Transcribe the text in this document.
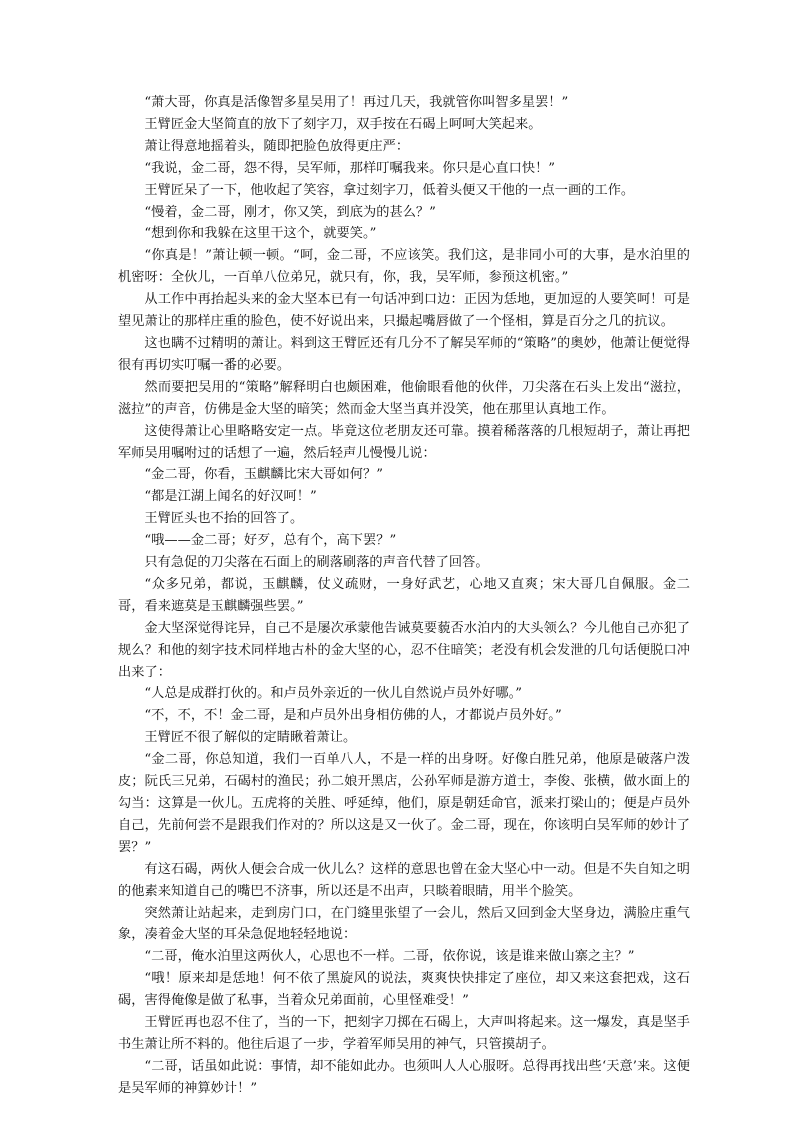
“萧大哥，你真是活像智多星吴用了！再过几天，我就管你叫智多星罢！”

王臂匠金大坚简直的放下了刻字刀，双手按在石碣上呵呵大笑起来。

萧让得意地摇着头，随即把脸色放得更庄严：

“我说，金二哥，怨不得，吴军师，那样叮嘱我来。你只是心直口快！”

王臂匠呆了一下，他收起了笑容，拿过刻字刀，低着头便又干他的一点一画的工作。

“慢着，金二哥，刚才，你又笑，到底为的甚么？”

“想到你和我躲在这里干这个，就要笑。”

“你真是！”萧让顿一顿。“呵，金二哥，不应该笑。我们这，是非同小可的大事，是水泊里的机密呀：全伙儿，一百单八位弟兄，就只有，你，我，吴军师，参预这机密。”

从工作中再抬起头来的金大坚本已有一句话冲到口边：正因为恁地，更加逗的人要笑呵！可是望见萧让的那样庄重的脸色，使不好说出来，只撮起嘴唇做了一个怪相，算是百分之几的抗议。

这也瞒不过精明的萧让。料到这王臂匠还有几分不了解吴军师的“策略”的奥妙，他萧让便觉得很有再切实叮嘱一番的必要。

然而要把吴用的“策略”解释明白也颇困难，他偷眼看他的伙伴，刀尖落在石头上发出“滋拉，滋拉”的声音，仿佛是金大坚的暗笑；然而金大坚当真并没笑，他在那里认真地工作。

这使得萧让心里略略安定一点。毕竟这位老朋友还可靠。摸着稀落落的几根短胡子，萧让再把军师吴用嘱咐过的话想了一遍，然后轻声儿慢慢儿说：

“金二哥，你看，玉麒麟比宋大哥如何？”

“都是江湖上闻名的好汉呵！”

王臂匠头也不抬的回答了。

“哦——金二哥；好歹，总有个，高下罢？”

只有急促的刀尖落在石面上的刷落刷落的声音代替了回答。

“众多兄弟，都说，玉麒麟，仗义疏财，一身好武艺，心地又直爽；宋大哥几自佩服。金二哥，看来遮莫是玉麒麟强些罢。”

金大坚深觉得诧异，自己不是屡次承蒙他告诫莫要藐否水泊内的大头领么？今儿他自己亦犯了规么？和他的刻字技术同样地古朴的金大坚的心，忍不住暗笑；老没有机会发泄的几句话便脱口冲出来了：

“人总是成群打伙的。和卢员外亲近的一伙儿自然说卢员外好哪。”

“不，不，不！金二哥，是和卢员外出身相仿佛的人，才都说卢员外好。”

王臂匠不很了解似的定睛瞅着萧让。

“金二哥，你总知道，我们一百单八人，不是一样的出身呀。好像白胜兄弟，他原是破落户泼皮；阮氏三兄弟，石碣村的渔民；孙二娘开黑店，公孙军师是游方道士，李俊、张横，做水面上的勾当：这算是一伙儿。五虎将的关胜、呼延绰，他们，原是朝廷命官，派来打梁山的；便是卢员外自己，先前何尝不是跟我们作对的？所以这是又一伙了。金二哥，现在，你该明白吴军师的妙计了罢？”

有这石碣，两伙人便会合成一伙儿么？这样的意思也曾在金大坚心中一动。但是不失自知之明的他素来知道自己的嘴巴不济事，所以还是不出声，只睒着眼睛，用半个脸笑。

突然萧让站起来，走到房门口，在门缝里张望了一会儿，然后又回到金大坚身边，满脸庄重气象，凑着金大坚的耳朵急促地轻轻地说：

“二哥，俺水泊里这两伙人，心思也不一样。二哥，依你说，该是谁来做山寨之主？”

“哦！原来却是恁地！何不依了黑旋风的说法，爽爽快快排定了座位，却又来这套把戏，这石碣，害得俺像是做了私事，当着众兄弟面前，心里怪难受！”

王臂匠再也忍不住了，当的一下，把刻字刀掷在石碣上，大声叫将起来。这一爆发，真是坚手书生萧让所不料的。他往后退了一步，学着军师吴用的神气，只管摸胡子。

“二哥，话虽如此说：事情，却不能如此办。也须叫人人心服呀。总得再找出些‘天意’来。这便是吴军师的神算妙计！”
